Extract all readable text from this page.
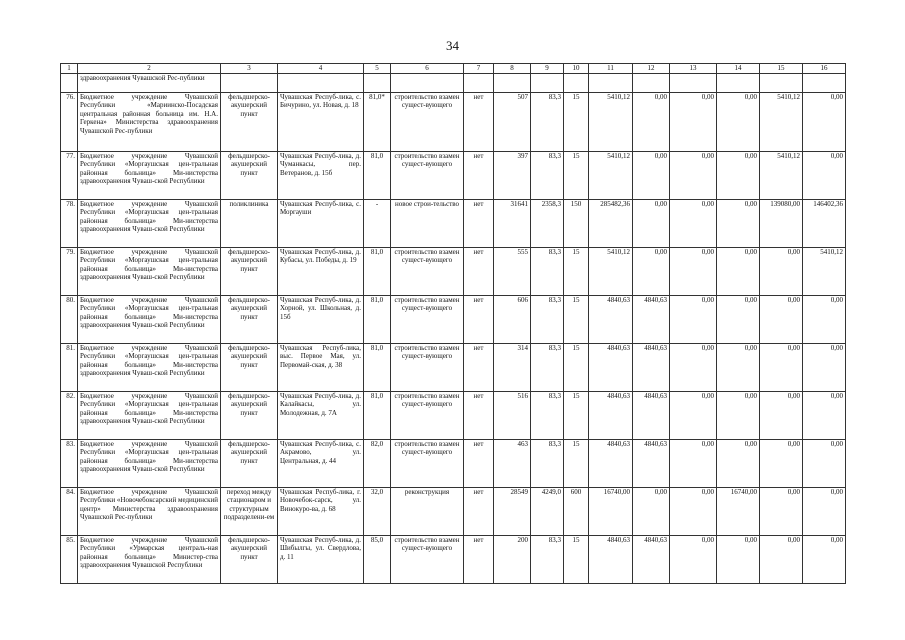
34
1	2	3	4	5	6	7	8	9	10	11	12	13	14	15	16
	здравоохранения Чувашской Рес-публики														
76.	Бюджетное учреждение Чувашской Республики «Мариинско-Посадская центральная районная больница им. Н.А. Геркена» Министерства здравоохранения Чувашской Рес-публики	фельдшерско-акушерский пункт	Чувашская Респуб-лика, с. Бичурино, ул. Новая, д. 18	81,0*	строительство взамен сущест-вующего	нет	507	83,3	15	5410,12	0,00	0,00	0,00	5410,12	0,00
77.	Бюджетное учреждение Чувашской Республики «Моргаушская цен-тральная районная больница» Ми-нистерства здравоохранения Чуваш-ской Республики	фельдшерско-акушерский пункт	Чувашская Респуб-лика, д. Чуманкасы, пер. Ветеранов, д. 15б	81,0	строительство взамен сущест-вующего	нет	397	83,3	15	5410,12	0,00	0,00	0,00	5410,12	0,00
78.	Бюджетное учреждение Чувашской Республики «Моргаушская цен-тральная районная больница» Ми-нистерства здравоохранения Чуваш-ской Республики	поликлиника	Чувашская Респуб-лика, с. Моргауши	-	новое строи-тельство	нет	31641	2358,3	150	285482,36	0,00	0,00	0,00	139080,00	146402,36
79.	Бюджетное учреждение Чувашской Республики «Моргаушская цен-тральная районная больница» Ми-нистерства здравоохранения Чуваш-ской Республики	фельдшерско-акушерский пункт	Чувашская Респуб-лика, д. Кубасы, ул. Победы, д. 19	81,0	строительство взамен сущест-вующего	нет	555	83,3	15	5410,12	0,00	0,00	0,00	0,00	5410,12
80.	Бюджетное учреждение Чувашской Республики «Моргаушская цен-тральная районная больница» Ми-нистерства здравоохранения Чуваш-ской Республики	фельдшерско-акушерский пункт	Чувашская Респуб-лика, д. Хорной, ул. Школьная, д. 15б	81,0	строительство взамен сущест-вующего	нет	606	83,3	15	4840,63	4840,63	0,00	0,00	0,00	0,00
81.	Бюджетное учреждение Чувашской Республики «Моргаушская цен-тральная районная больница» Ми-нистерства здравоохранения Чуваш-ской Республики	фельдшерско-акушерский пункт	Чувашская Респуб-лика, выс. Первое Мая, ул. Первомай-ская, д. 38	81,0	строительство взамен сущест-вующего	нет	314	83,3	15	4840,63	4840,63	0,00	0,00	0,00	0,00
82.	Бюджетное учреждение Чувашской Республики «Моргаушская цен-тральная районная больница» Ми-нистерства здравоохранения Чуваш-ской Республики	фельдшерско-акушерский пункт	Чувашская Респуб-лика, д. Калайкасы, ул. Молодежная, д. 7А	81,0	строительство взамен сущест-вующего	нет	516	83,3	15	4840,63	4840,63	0,00	0,00	0,00	0,00
83.	Бюджетное учреждение Чувашской Республики «Моргаушская цен-тральная районная больница» Ми-нистерства здравоохранения Чуваш-ской Республики	фельдшерско-акушерский пункт	Чувашская Респуб-лика, с. Акрамово, ул. Центральная, д. 44	82,0	строительство взамен сущест-вующего	нет	463	83,3	15	4840,63	4840,63	0,00	0,00	0,00	0,00
84.	Бюджетное учреждение Чувашской Республики «Новочебоксарский медицинский центр» Министерства здравоохранения Чувашской Рес-публики	переход между стационаром и структурным подразделени-ем	Чувашская Респуб-лика, г. Новочебок-сарск, ул. Винокуро-ва, д. 68	32,0	реконструкция	нет	28549	4249,0	600	16740,00	0,00	0,00	16740,00	0,00	0,00
85.	Бюджетное учреждение Чувашской Республики «Урмарская централь-ная районная больница» Министер-ства здравоохранения Чувашской Республики	фельдшерско-акушерский пункт	Чувашская Респуб-лика, д. Шибылгы, ул. Свердлова, д. 11	85,0	строительство взамен сущест-вующего	нет	200	83,3	15	4840,63	4840,63	0,00	0,00	0,00	0,00
